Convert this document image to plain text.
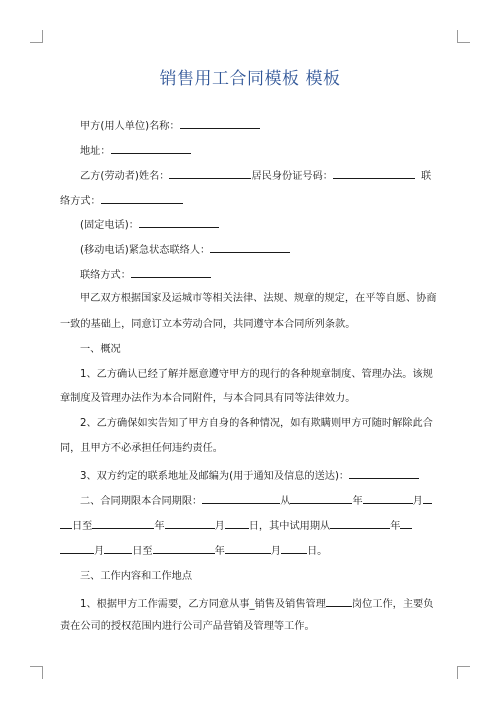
销售用工合同模板 模板
甲方(用人单位)名称：
地址：
乙方(劳动者)姓名：	居民身份证号码：	联
络方式：
(固定电话)：
(移动电话)紧急状态联络人：
联络方式：
甲乙双方根据国家及运城市等相关法律、法规、规章的规定，在平等自愿、协商
一致的基础上，同意订立本劳动合同，共同遵守本合同所列条款。
一、概况
1、乙方确认已经了解并愿意遵守甲方的现行的各种规章制度、管理办法。该规
章制度及管理办法作为本合同附件，与本合同具有同等法律效力。
2、乙方确保如实告知了甲方自身的各种情况，如有欺瞒则甲方可随时解除此合
同，且甲方不必承担任何违约责任。
3、双方约定的联系地址及邮编为(用于通知及信息的送达)：
二、合同期限本合同期限：	从	年	月
日至	年	月 日，其中试用期从	年
月	日至	年	月	日。
三、工作内容和工作地点
1、根据甲方工作需要，乙方同意从事_销售及销售管理	岗位工作，主要负
责在公司的授权范围内进行公司产品营销及管理等工作。
